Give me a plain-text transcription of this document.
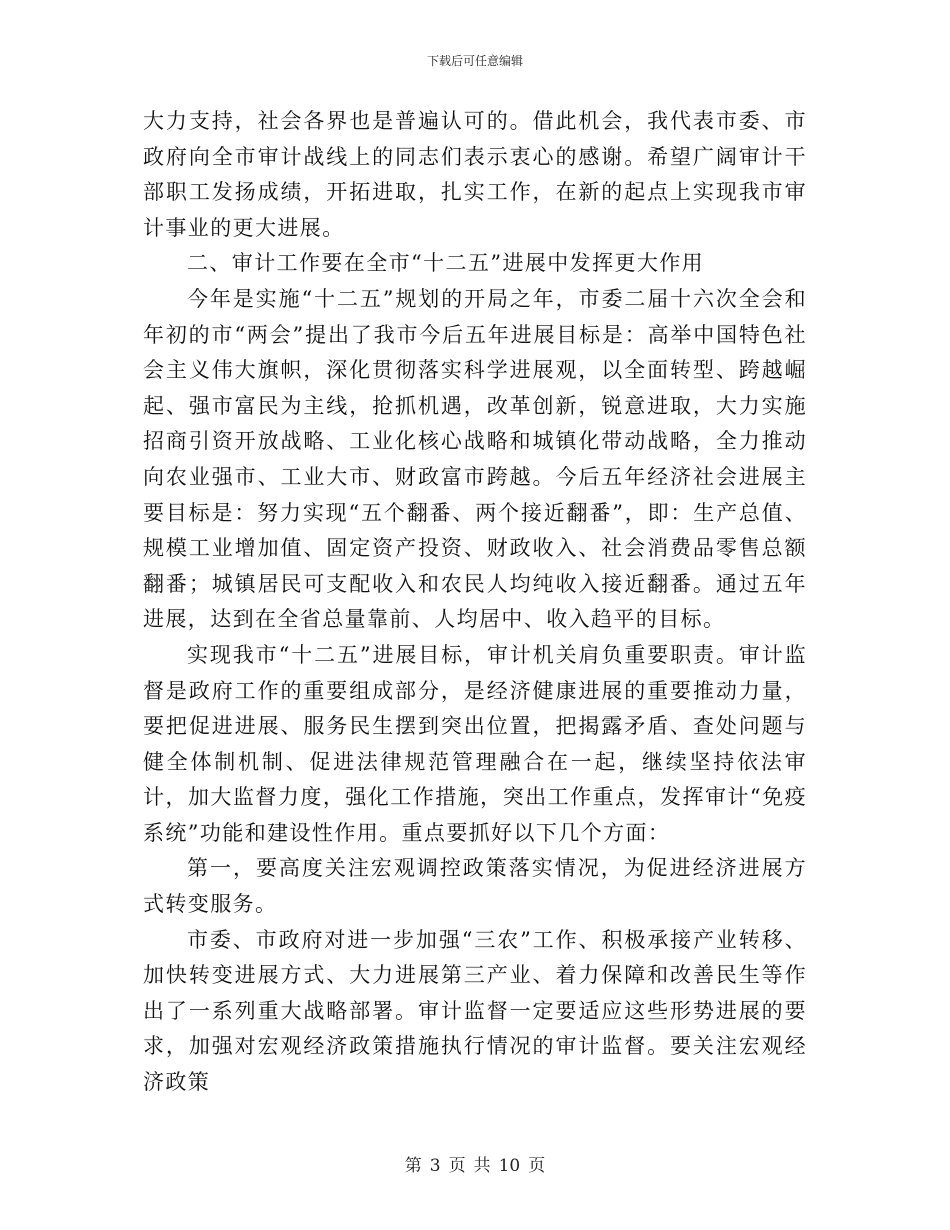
下载后可任意编辑

大力支持，社会各界也是普遍认可的。借此机会，我代表市委、市政府向全市审计战线上的同志们表示衷心的感谢。希望广阔审计干部职工发扬成绩，开拓进取，扎实工作，在新的起点上实现我市审计事业的更大进展。

二、审计工作要在全市“十二五”进展中发挥更大作用

今年是实施“十二五”规划的开局之年，市委二届十六次全会和年初的市“两会”提出了我市今后五年进展目标是：高举中国特色社会主义伟大旗帜，深化贯彻落实科学进展观，以全面转型、跨越崛起、强市富民为主线，抢抓机遇，改革创新，锐意进取，大力实施招商引资开放战略、工业化核心战略和城镇化带动战略，全力推动向农业强市、工业大市、财政富市跨越。今后五年经济社会进展主要目标是：努力实现“五个翻番、两个接近翻番”，即：生产总值、规模工业增加值、固定资产投资、财政收入、社会消费品零售总额翻番；城镇居民可支配收入和农民人均纯收入接近翻番。通过五年进展，达到在全省总量靠前、人均居中、收入趋平的目标。

实现我市“十二五”进展目标，审计机关肩负重要职责。审计监督是政府工作的重要组成部分，是经济健康进展的重要推动力量，要把促进进展、服务民生摆到突出位置，把揭露矛盾、查处问题与健全体制机制、促进法律规范管理融合在一起，继续坚持依法审计，加大监督力度，强化工作措施，突出工作重点，发挥审计“免疫系统”功能和建设性作用。重点要抓好以下几个方面：

第一，要高度关注宏观调控政策落实情况，为促进经济进展方式转变服务。

市委、市政府对进一步加强“三农”工作、积极承接产业转移、加快转变进展方式、大力进展第三产业、着力保障和改善民生等作出了一系列重大战略部署。审计监督一定要适应这些形势进展的要求，加强对宏观经济政策措施执行情况的审计监督。要关注宏观经济政策

第 3 页 共 10 页
